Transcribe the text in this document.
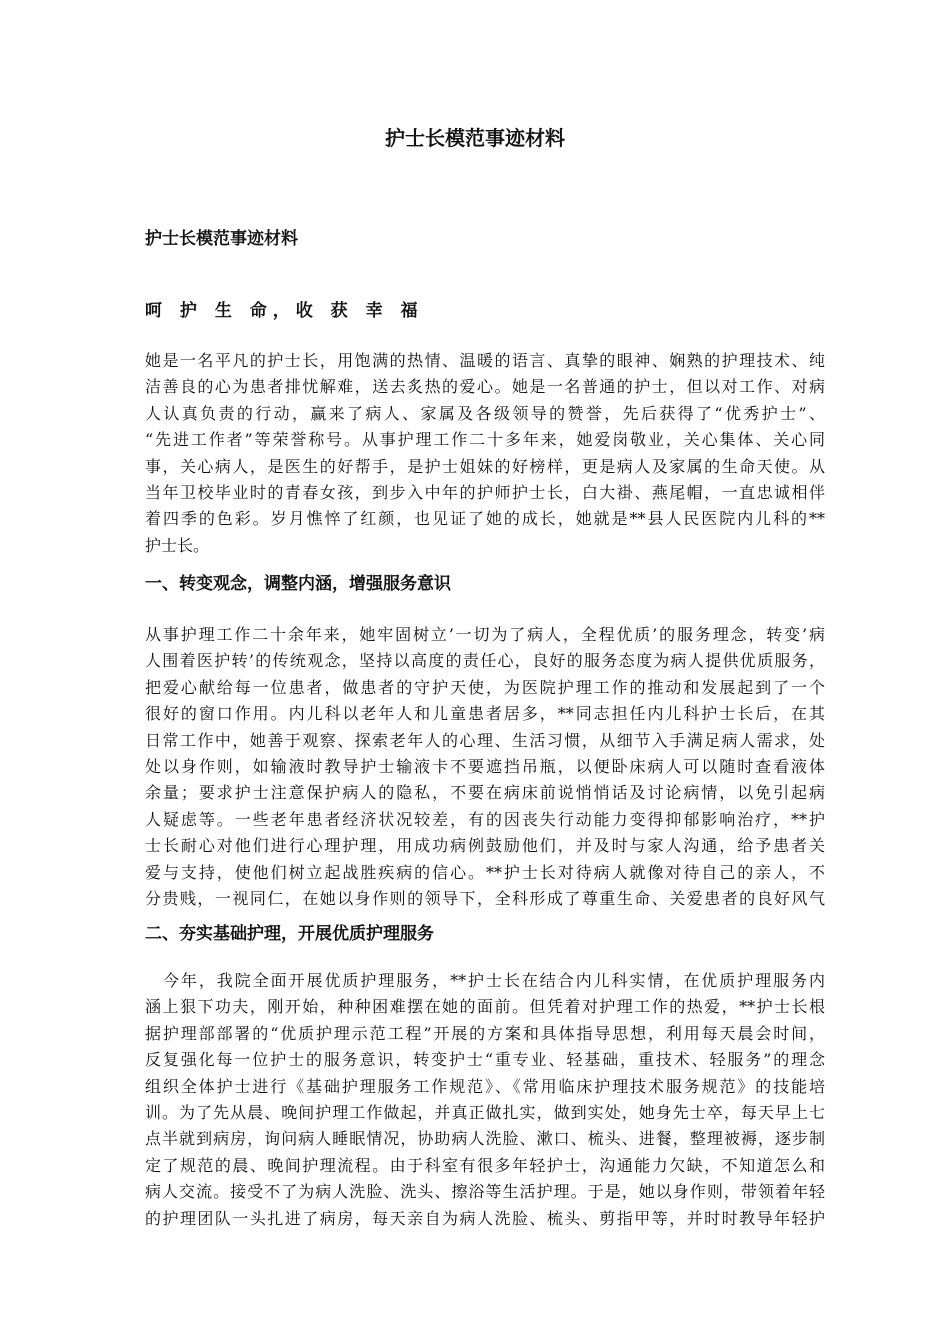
护士长模范事迹材料
护士长模范事迹材料
呵 护 生 命，收 获 幸 福
她是一名平凡的护士长，用饱满的热情、温暖的语言、真挚的眼神、娴熟的护理技术、纯
洁善良的心为患者排忧解难，送去炙热的爱心。她是一名普通的护士，但以对工作、对病
人认真负责的行动，赢来了病人、家属及各级领导的赞誉，先后获得了“优秀护士”、
“先进工作者”等荣誉称号。从事护理工作二十多年来，她爱岗敬业，关心集体、关心同
事，关心病人，是医生的好帮手，是护士姐妹的好榜样，更是病人及家属的生命天使。从
当年卫校毕业时的青春女孩，到步入中年的护师护士长，白大褂、燕尾帽，一直忠诚相伴
着四季的色彩。岁月憔悴了红颜，也见证了她的成长，她就是**县人民医院内儿科的**
护士长。
一、转变观念，调整内涵，增强服务意识
从事护理工作二十余年来，她牢固树立’一切为了病人，全程优质’的服务理念，转变’病
人围着医护转’的传统观念，坚持以高度的责任心，良好的服务态度为病人提供优质服务，
把爱心献给每一位患者，做患者的守护天使，为医院护理工作的推动和发展起到了一个
很好的窗口作用。内儿科以老年人和儿童患者居多，**同志担任内儿科护士长后，在其
日常工作中，她善于观察、探索老年人的心理、生活习惯，从细节入手满足病人需求，处
处以身作则，如输液时教导护士输液卡不要遮挡吊瓶，以便卧床病人可以随时查看液体
余量；要求护士注意保护病人的隐私，不要在病床前说悄悄话及讨论病情，以免引起病
人疑虑等。一些老年患者经济状况较差，有的因丧失行动能力变得抑郁影响治疗，**护
士长耐心对他们进行心理护理，用成功病例鼓励他们，并及时与家人沟通，给予患者关
爱与支持，使他们树立起战胜疾病的信心。**护士长对待病人就像对待自己的亲人，不
分贵贱，一视同仁，在她以身作则的领导下，全科形成了尊重生命、关爱患者的良好风气
二、夯实基础护理，开展优质护理服务
　今年，我院全面开展优质护理服务，**护士长在结合内儿科实情，在优质护理服务内
涵上狠下功夫，刚开始，种种困难摆在她的面前。但凭着对护理工作的热爱，**护士长根
据护理部部署的“优质护理示范工程”开展的方案和具体指导思想，利用每天晨会时间，
反复强化每一位护士的服务意识，转变护士“重专业、轻基础，重技术、轻服务”的理念
组织全体护士进行《基础护理服务工作规范》、《常用临床护理技术服务规范》的技能培
训。为了先从晨、晚间护理工作做起，并真正做扎实，做到实处，她身先士卒，每天早上七
点半就到病房，询问病人睡眠情况，协助病人洗脸、漱口、梳头、进餐，整理被褥，逐步制
定了规范的晨、晚间护理流程。由于科室有很多年轻护士，沟通能力欠缺，不知道怎么和
病人交流。接受不了为病人洗脸、洗头、擦浴等生活护理。于是，她以身作则，带领着年轻
的护理团队一头扎进了病房，每天亲自为病人洗脸、梳头、剪指甲等，并时时教导年轻护
